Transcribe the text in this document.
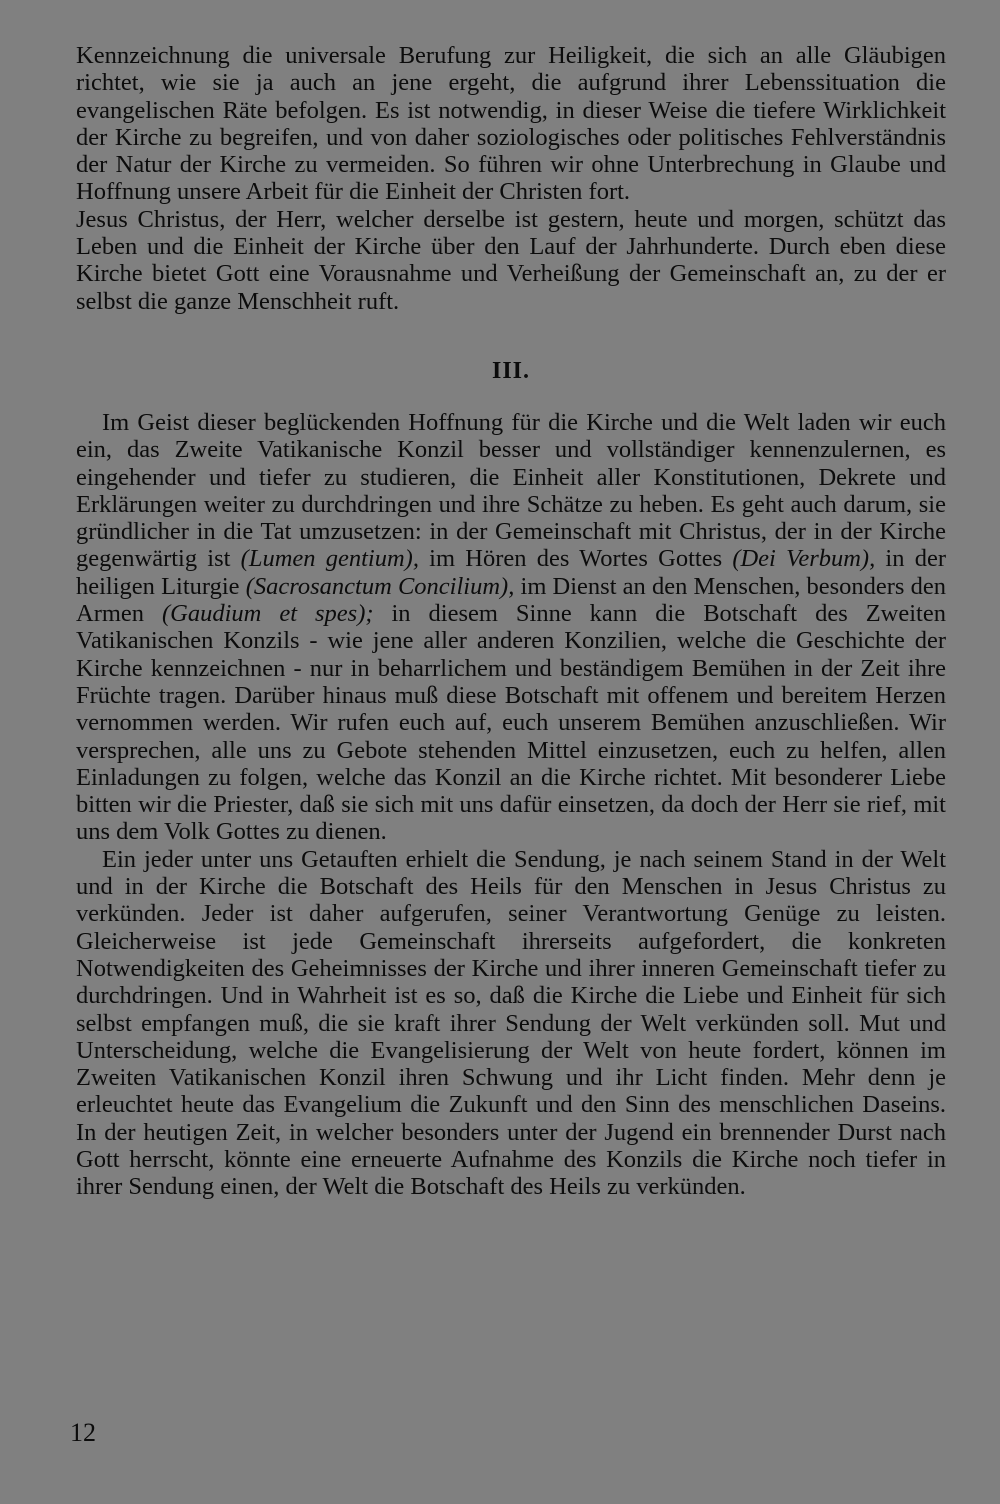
Kennzeichnung die universale Berufung zur Heiligkeit, die sich an alle Gläubigen richtet, wie sie ja auch an jene ergeht, die aufgrund ihrer Lebenssituation die evangelischen Räte befolgen. Es ist notwendig, in dieser Weise die tiefere Wirklichkeit der Kirche zu begreifen, und von daher soziologisches oder politisches Fehlverständnis der Natur der Kirche zu vermeiden. So führen wir ohne Unterbrechung in Glaube und Hoffnung unsere Arbeit für die Einheit der Christen fort.

Jesus Christus, der Herr, welcher derselbe ist gestern, heute und morgen, schützt das Leben und die Einheit der Kirche über den Lauf der Jahrhunderte. Durch eben diese Kirche bietet Gott eine Vorausnahme und Verheißung der Gemeinschaft an, zu der er selbst die ganze Menschheit ruft.

III.

Im Geist dieser beglückenden Hoffnung für die Kirche und die Welt laden wir euch ein, das Zweite Vatikanische Konzil besser und vollständiger kennenzulernen, es eingehender und tiefer zu studieren, die Einheit aller Konstitutionen, Dekrete und Erklärungen weiter zu durchdringen und ihre Schätze zu heben. Es geht auch darum, sie gründlicher in die Tat umzusetzen: in der Gemeinschaft mit Christus, der in der Kirche gegenwärtig ist (Lumen gentium), im Hören des Wortes Gottes (Dei Verbum), in der heiligen Liturgie (Sacrosanctum Concilium), im Dienst an den Menschen, besonders den Armen (Gaudium et spes); in diesem Sinne kann die Botschaft des Zweiten Vatikanischen Konzils - wie jene aller anderen Konzilien, welche die Geschichte der Kirche kennzeichnen - nur in beharrlichem und beständigem Bemühen in der Zeit ihre Früchte tragen. Darüber hinaus muß diese Botschaft mit offenem und bereitem Herzen vernommen werden. Wir rufen euch auf, euch unserem Bemühen anzuschließen. Wir versprechen, alle uns zu Gebote stehenden Mittel einzusetzen, euch zu helfen, allen Einladungen zu folgen, welche das Konzil an die Kirche richtet. Mit besonderer Liebe bitten wir die Priester, daß sie sich mit uns dafür einsetzen, da doch der Herr sie rief, mit uns dem Volk Gottes zu dienen.

Ein jeder unter uns Getauften erhielt die Sendung, je nach seinem Stand in der Welt und in der Kirche die Botschaft des Heils für den Menschen in Jesus Christus zu verkünden. Jeder ist daher aufgerufen, seiner Verantwortung Genüge zu leisten. Gleicherweise ist jede Gemeinschaft ihrerseits aufgefordert, die konkreten Notwendigkeiten des Geheimnisses der Kirche und ihrer inneren Gemeinschaft tiefer zu durchdringen. Und in Wahrheit ist es so, daß die Kirche die Liebe und Einheit für sich selbst empfangen muß, die sie kraft ihrer Sendung der Welt verkünden soll. Mut und Unterscheidung, welche die Evangelisierung der Welt von heute fordert, können im Zweiten Vatikanischen Konzil ihren Schwung und ihr Licht finden. Mehr denn je erleuchtet heute das Evangelium die Zukunft und den Sinn des menschlichen Daseins. In der heutigen Zeit, in welcher besonders unter der Jugend ein brennender Durst nach Gott herrscht, könnte eine erneuerte Aufnahme des Konzils die Kirche noch tiefer in ihrer Sendung einen, der Welt die Botschaft des Heils zu verkünden.

12
